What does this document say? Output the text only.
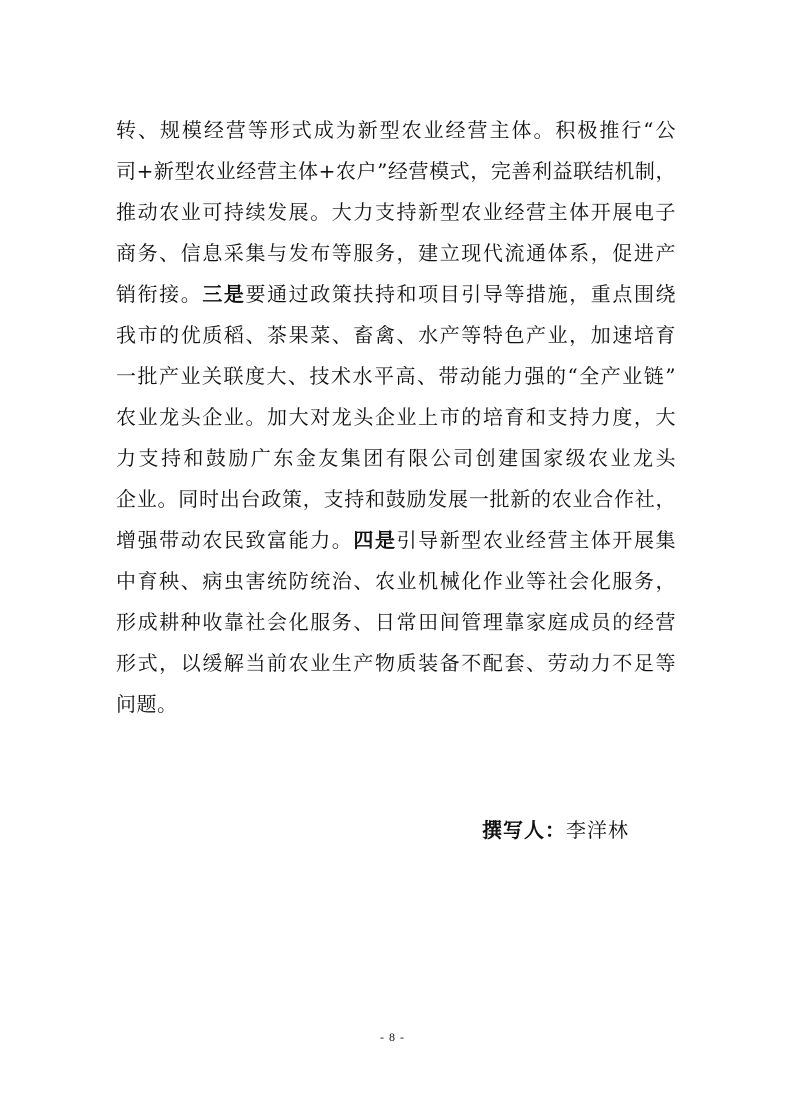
转、规模经营等形式成为新型农业经营主体。积极推行“公
司+新型农业经营主体+农户”经营模式，完善利益联结机制，
推动农业可持续发展。大力支持新型农业经营主体开展电子
商务、信息采集与发布等服务，建立现代流通体系，促进产
销衔接。三是要通过政策扶持和项目引导等措施，重点围绕
我市的优质稻、茶果菜、畜禽、水产等特色产业，加速培育
一批产业关联度大、技术水平高、带动能力强的“全产业链”
农业龙头企业。加大对龙头企业上市的培育和支持力度，大
力支持和鼓励广东金友集团有限公司创建国家级农业龙头
企业。同时出台政策，支持和鼓励发展一批新的农业合作社，
增强带动农民致富能力。四是引导新型农业经营主体开展集
中育秧、病虫害统防统治、农业机械化作业等社会化服务，
形成耕种收靠社会化服务、日常田间管理靠家庭成员的经营
形式，以缓解当前农业生产物质装备不配套、劳动力不足等
问题。
撰写人：李洋林
- 8 -
